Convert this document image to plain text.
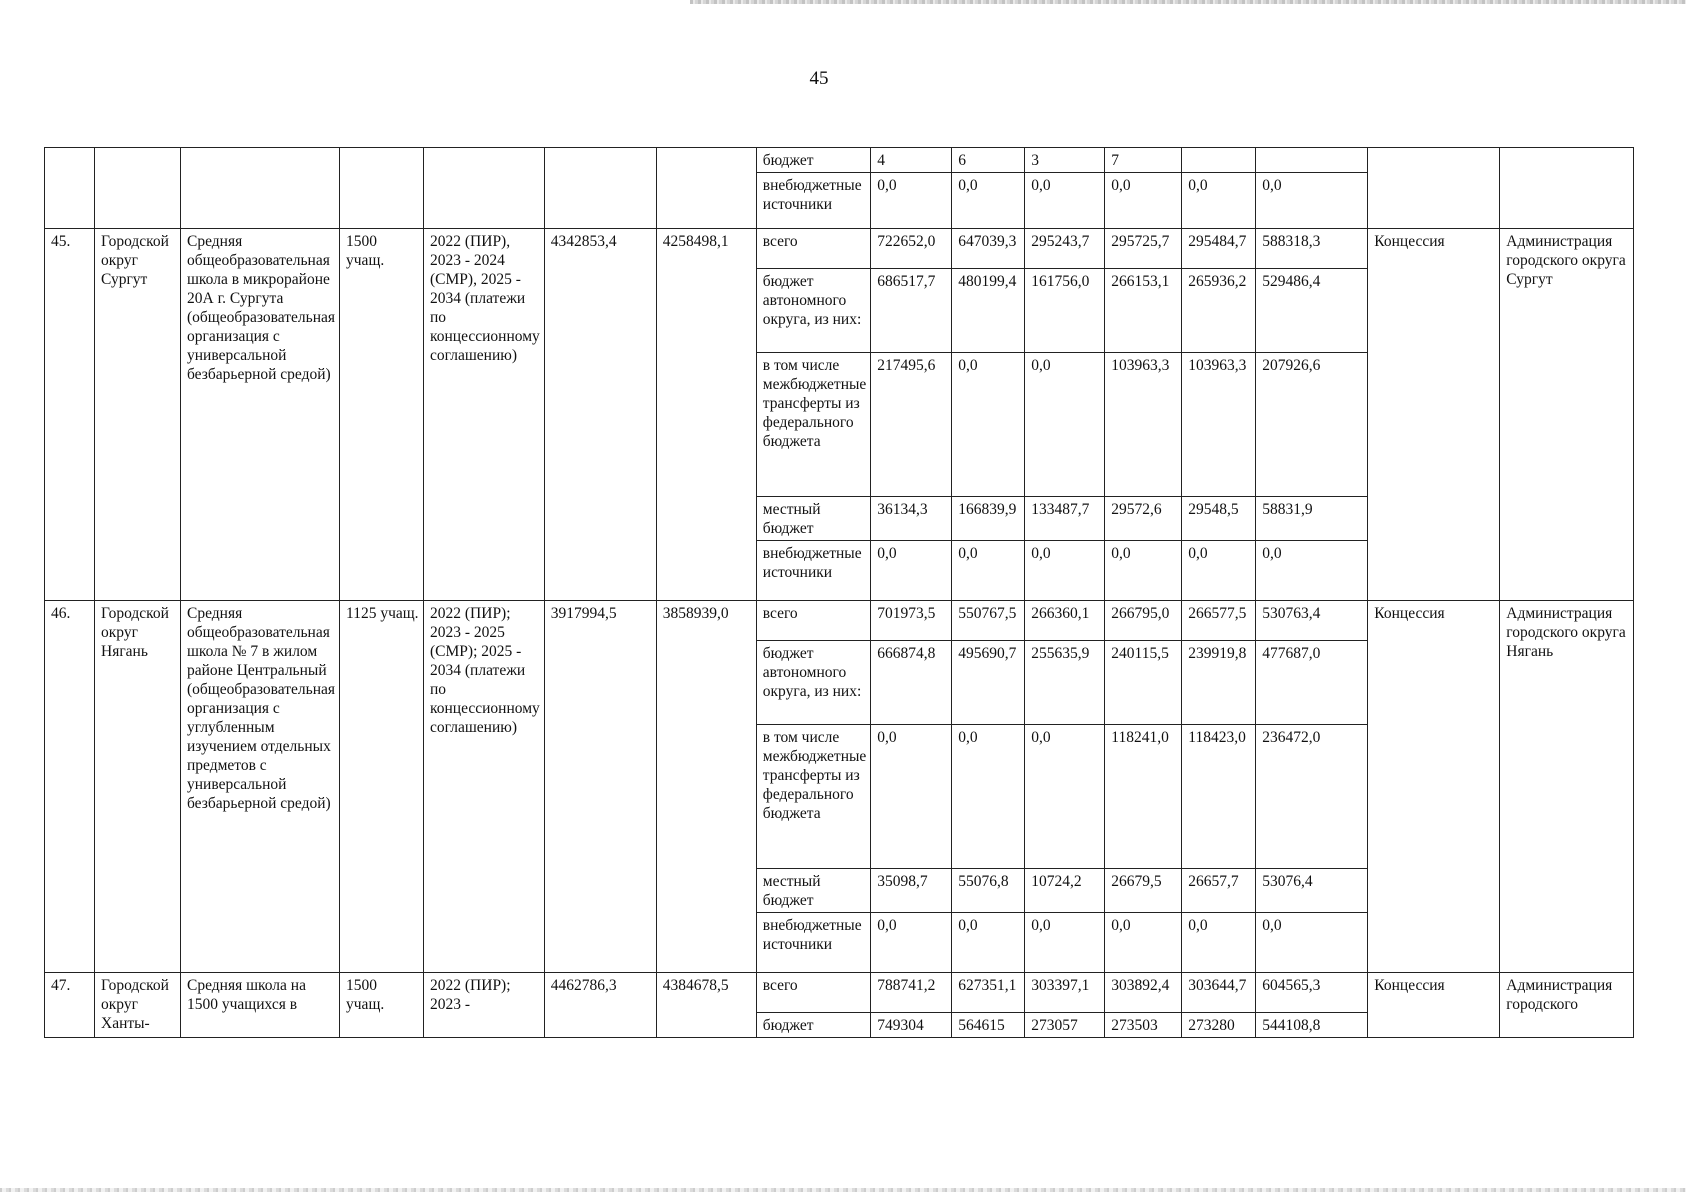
45
							бюджет	4	6	3	7				
							внебюджетные источники	0,0	0,0	0,0	0,0	0,0	0,0		
45.	Городской округ Сургут	Средняя общеобразовательная школа в микрорайоне 20А г. Сургута (общеобразовательная организация с универсальной безбарьерной средой)	1500 учащ.	2022 (ПИР), 2023 - 2024 (СМР), 2025 - 2034 (платежи по концессионному соглашению)	4342853,4	4258498,1	всего	722652,0	647039,3	295243,7	295725,7	295484,7	588318,3	Концессия	Администрация городского округа Сургут
							бюджет автономного округа, из них:	686517,7	480199,4	161756,0	266153,1	265936,2	529486,4		
							в том числе межбюджетные трансферты из федерального бюджета	217495,6	0,0	0,0	103963,3	103963,3	207926,6		
							местный бюджет	36134,3	166839,9	133487,7	29572,6	29548,5	58831,9		
							внебюджетные источники	0,0	0,0	0,0	0,0	0,0	0,0		
46.	Городской округ Нягань	Средняя общеобразовательная школа № 7 в жилом районе Центральный (общеобразовательная организация с углубленным изучением отдельных предметов с универсальной безбарьерной средой)	1125 учащ.	2022 (ПИР); 2023 - 2025 (СМР); 2025 - 2034 (платежи по концессионному соглашению)	3917994,5	3858939,0	всего	701973,5	550767,5	266360,1	266795,0	266577,5	530763,4	Концессия	Администрация городского округа Нягань
							бюджет автономного округа, из них:	666874,8	495690,7	255635,9	240115,5	239919,8	477687,0		
							в том числе межбюджетные трансферты из федерального бюджета	0,0	0,0	0,0	118241,0	118423,0	236472,0		
							местный бюджет	35098,7	55076,8	10724,2	26679,5	26657,7	53076,4		
							внебюджетные источники	0,0	0,0	0,0	0,0	0,0	0,0		
47.	Городской округ Ханты-	Средняя школа на 1500 учащихся в	1500 учащ.	2022 (ПИР); 2023 -	4462786,3	4384678,5	всего	788741,2	627351,1	303397,1	303892,4	303644,7	604565,3	Концессия	Администрация городского
							бюджет	749304	564615	273057	273503	273280	544108,8		
